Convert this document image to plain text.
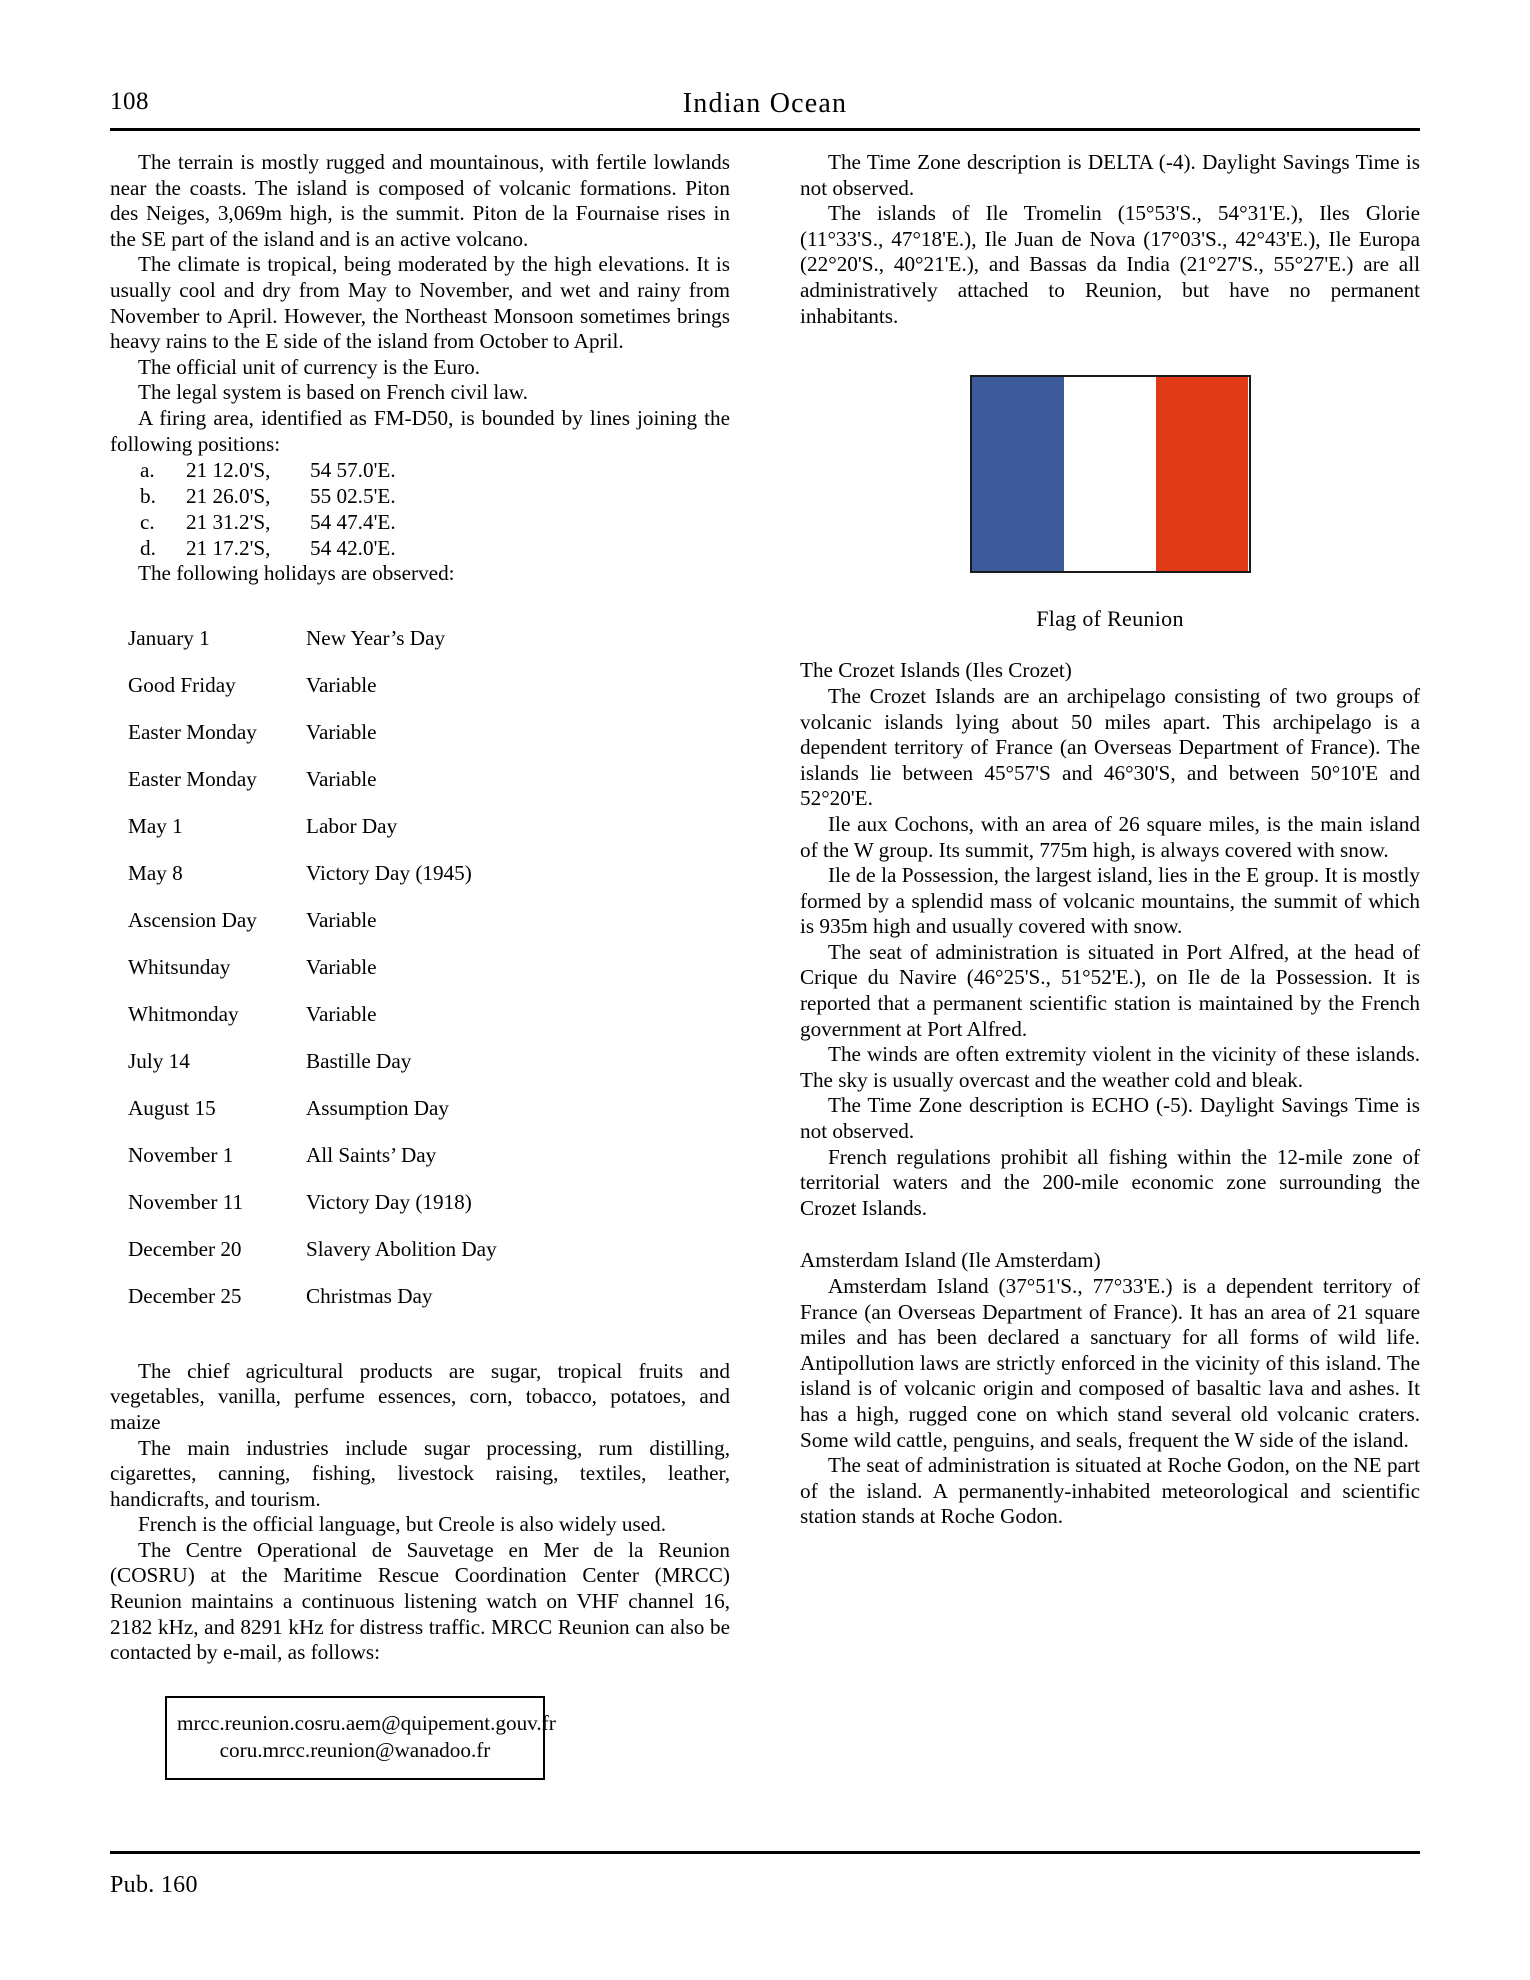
108	Indian Ocean

The terrain is mostly rugged and mountainous, with fertile lowlands near the coasts. The island is composed of volcanic formations. Piton des Neiges, 3,069m high, is the summit. Piton de la Fournaise rises in the SE part of the island and is an active volcano.

The climate is tropical, being moderated by the high elevations. It is usually cool and dry from May to November, and wet and rainy from November to April. However, the Northeast Monsoon sometimes brings heavy rains to the E side of the island from October to April.

The official unit of currency is the Euro.

The legal system is based on French civil law.

A firing area, identified as FM-D50, is bounded by lines joining the following positions:

a.	21 12.0'S,	54 57.0'E.
b.	21 26.0'S,	55 02.5'E.
c.	21 31.2'S,	54 47.4'E.
d.	21 17.2'S,	54 42.0'E.

The following holidays are observed:

January 1	New Year’s Day
Good Friday	Variable
Easter Monday	Variable
Easter Monday	Variable
May 1	Labor Day
May 8	Victory Day (1945)
Ascension Day	Variable
Whitsunday	Variable
Whitmonday	Variable
July 14	Bastille Day
August 15	Assumption Day
November 1	All Saints’ Day
November 11	Victory Day (1918)
December 20	Slavery Abolition Day
December 25	Christmas Day

The chief agricultural products are sugar, tropical fruits and vegetables, vanilla, perfume essences, corn, tobacco, potatoes, and maize

The main industries include sugar processing, rum distilling, cigarettes, canning, fishing, livestock raising, textiles, leather, handicrafts, and tourism.

French is the official language, but Creole is also widely used.

The Centre Operational de Sauvetage en Mer de la Reunion (COSRU) at the Maritime Rescue Coordination Center (MRCC) Reunion maintains a continuous listening watch on VHF channel 16, 2182 kHz, and 8291 kHz for distress traffic. MRCC Reunion can also be contacted by e-mail, as follows:

mrcc.reunion.cosru.aem@quipement.gouv.fr
coru.mrcc.reunion@wanadoo.fr

The Time Zone description is DELTA (-4). Daylight Savings Time is not observed.

The islands of Ile Tromelin (15°53'S., 54°31'E.), Iles Glorie (11°33'S., 47°18'E.), Ile Juan de Nova (17°03'S., 42°43'E.), Ile Europa (22°20'S., 40°21'E.), and Bassas da India (21°27'S., 55°27'E.) are all administratively attached to Reunion, but have no permanent inhabitants.

Flag of Reunion
The Crozet Islands (Iles Crozet)

The Crozet Islands are an archipelago consisting of two groups of volcanic islands lying about 50 miles apart. This archipelago is a dependent territory of France (an Overseas Department of France). The islands lie between 45°57'S and 46°30'S, and between 50°10'E and 52°20'E.

Ile aux Cochons, with an area of 26 square miles, is the main island of the W group. Its summit, 775m high, is always covered with snow.

Ile de la Possession, the largest island, lies in the E group. It is mostly formed by a splendid mass of volcanic mountains, the summit of which is 935m high and usually covered with snow.

The seat of administration is situated in Port Alfred, at the head of Crique du Navire (46°25'S., 51°52'E.), on Ile de la Possession. It is reported that a permanent scientific station is maintained by the French government at Port Alfred.

The winds are often extremity violent in the vicinity of these islands. The sky is usually overcast and the weather cold and bleak.

The Time Zone description is ECHO (-5). Daylight Savings Time is not observed.

French regulations prohibit all fishing within the 12-mile zone of territorial waters and the 200-mile economic zone surrounding the Crozet Islands.

Amsterdam Island (Ile Amsterdam)

Amsterdam Island (37°51'S., 77°33'E.) is a dependent territory of France (an Overseas Department of France). It has an area of 21 square miles and has been declared a sanctuary for all forms of wild life. Antipollution laws are strictly enforced in the vicinity of this island. The island is of volcanic origin and composed of basaltic lava and ashes. It has a high, rugged cone on which stand several old volcanic craters. Some wild cattle, penguins, and seals, frequent the W side of the island.

The seat of administration is situated at Roche Godon, on the NE part of the island. A permanently-inhabited meteorological and scientific station stands at Roche Godon.

Pub. 160
